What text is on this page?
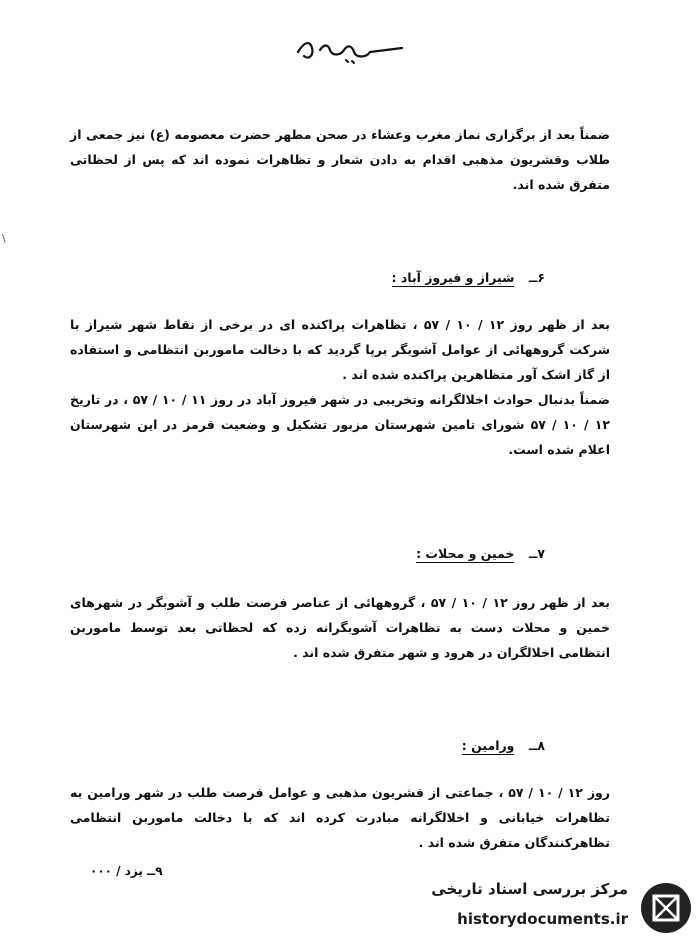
ضمناً بعد از برگزاری نماز مغرب وعشاء در صحن مطهر حضرت معصومه (ع) نیز جمعی از طلاب وقشریون مذهبی اقدام به دادن شعار و تظاهرات نموده اند که پس از لحظاتی متفرق شده اند.

۶ــ شیراز و فیروز آباد :

بعد از ظهر روز ۱۲ / ۱۰ / ۵۷ ، تظاهرات پراکنده ای در برخی از نقاط شهر شیراز با شرکت گروههائی از عوامل آشوبگر برپا گردید که با دخالت ماموربن انتظامی و استفاده از گاز اشک آور متظاهرین پراکنده شده اند .

ضمناً بدنبال حوادث اخلالگرانه وتخریبی در شهر فیروز آباد در روز ۱۱ / ۱۰ / ۵۷ ، در تاریخ ۱۲ / ۱۰ / ۵۷ شورای تامین شهرستان مزبور تشکیل و وضعیت قرمز در این شهرستان اعلام شده است.

۷ــ خمین و محلات :

بعد از ظهر روز ۱۲ / ۱۰ / ۵۷ ، گروههائی از عناصر فرصت طلب و آشوبگر در شهرهای خمین و محلات دست به تظاهرات آشوبگرانه زده که لحظاتی بعد توسط ماموربن انتظامی اخلالگران در هرود و شهر متفرق شده اند .

۸ــ ورامین :

روز ۱۲ / ۱۰ / ۵۷ ، جماعتی از قشریون مذهبی و عوامل فرصت طلب در شهر ورامین به تظاهرات خیابانی و اخلالگرانه مبادرت کرده اند که با دخالت ماموربن انتظامی تظاهرکنندگان متفرق شده اند .

۹ــ یزد / ۰۰۰
\
مرکز بررسی اسناد تاریخی
historydocuments.ir
